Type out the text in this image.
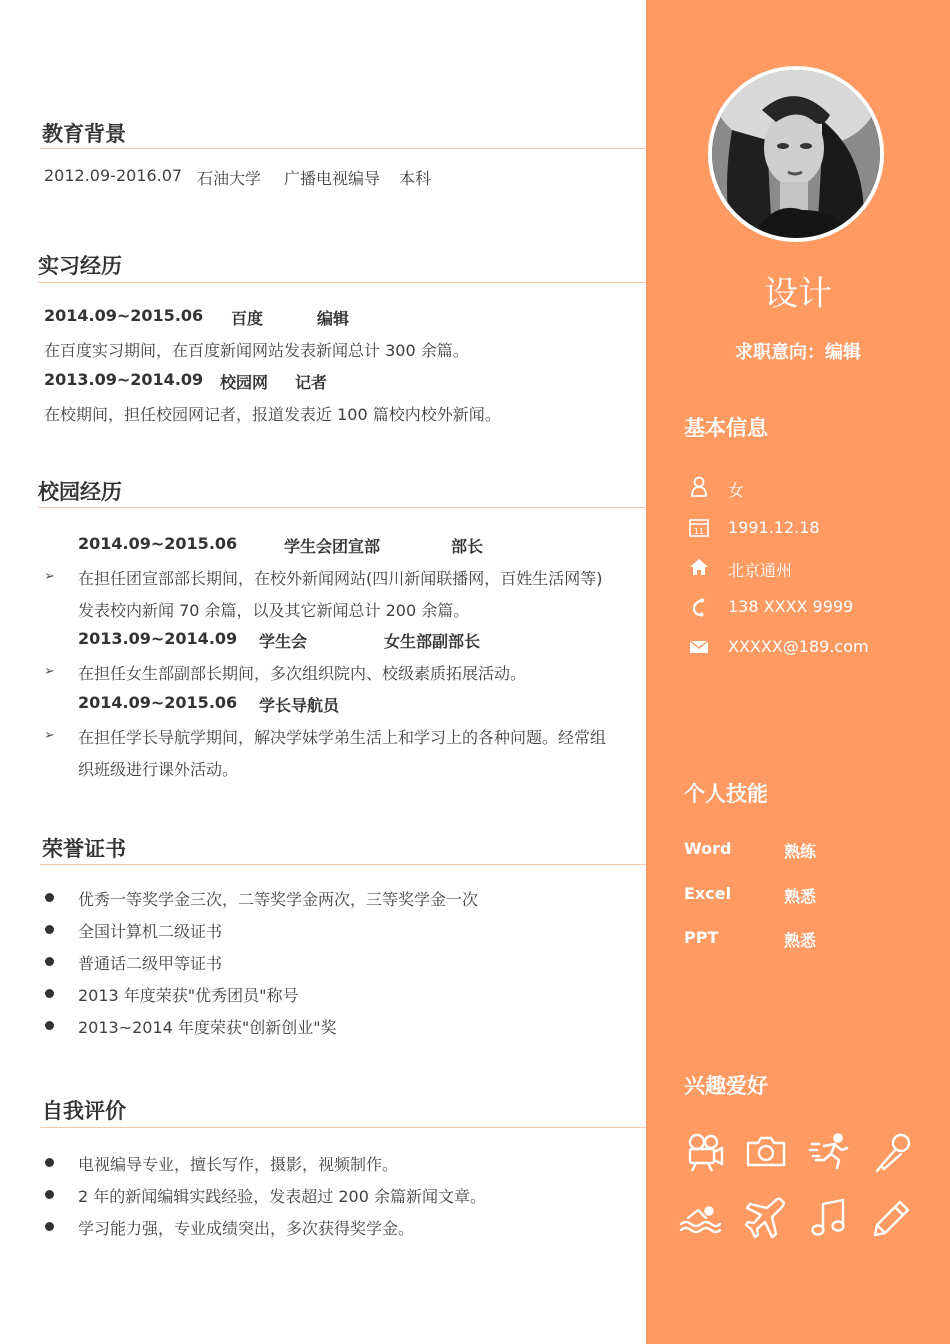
教育背景
2012.09-2016.07 石油大学 广播电视编导 本科
实习经历
2014.09~2015.06 百度	编辑
在百度实习期间，在百度新闻网站发表新闻总计 300 余篇。
2013.09~2014.09 校园网 记者
在校期间，担任校园网记者，报道发表近 100 篇校内校外新闻。
校园经历
2014.09~2015.06	学生会团宣部	部长
➢ 在担任团宣部部长期间，在校外新闻网站(四川新闻联播网，百姓生活网等)
发表校内新闻 70 余篇，以及其它新闻总计 200 余篇。
2013.09~2014.09 学生会	女生部副部长
➢ 在担任女生部副部长期间，多次组织院内、校级素质拓展活动。
2014.09~2015.06 学长导航员
➢ 在担任学长导航学期间，解决学妹学弟生活上和学习上的各种问题。经常组
织班级进行课外活动。
荣誉证书
优秀一等奖学金三次，二等奖学金两次，三等奖学金一次
全国计算机二级证书
普通话二级甲等证书
2013 年度荣获"优秀团员"称号
2013~2014 年度荣获"创新创业"奖
自我评价
电视编导专业，擅长写作，摄影，视频制作。
2 年的新闻编辑实践经验，发表超过 200 余篇新闻文章。
学习能力强，专业成绩突出，多次获得奖学金。
设计
求职意向：编辑
基本信息
女
11 1991.12.18
北京通州
138 XXXX 9999
XXXXX@189.com
个人技能
Word	熟练
Excel	熟悉
PPT	熟悉
兴趣爱好
